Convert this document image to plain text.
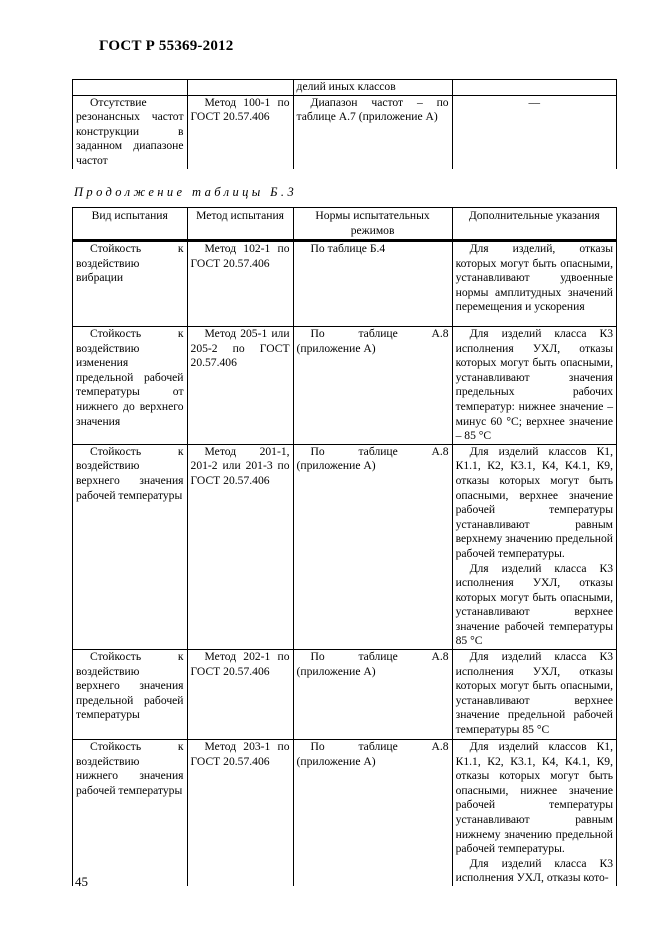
ГОСТ Р 55369-2012
		делий иных классов	
Отсутствие резонансных частот конструкции в заданном диапазоне частот	Метод 100-1 по ГОСТ 20.57.406	Диапазон частот – по таблице А.7 (приложение А)	––
Продолжение таблицы Б.3
Вид испытания	Метод испытания	Нормы испытательных режимов	Дополнительные указания
Стойкость к воздействию вибрации	Метод 102-1 по ГОСТ 20.57.406	По таблице Б.4	Для изделий, отказы которых могут быть опасными, устанавливают удвоенные нормы амплитудных значений перемещения и ускорения

Стойкость к воздействию изменения предельной рабочей температуры от нижнего до верхнего значения	Метод 205-1 или 205-2 по ГОСТ 20.57.406	По таблице А.8 (приложение А)	Для изделий класса К3 исполнения УХЛ, отказы которых могут быть опасными, устанавливают значения предельных рабочих температур: нижнее значение – минус 60 °С; верхнее значение – 85 °С

Стойкость к воздействию верхнего значения рабочей температуры	Метод 201-1, 201-2 или 201-3 по ГОСТ 20.57.406	По таблице А.8 (приложение А)	Для изделий классов К1, К1.1, К2, К3.1, К4, К4.1, К9, отказы которых могут быть опасными, верхнее значение рабочей температуры устанавливают равным верхнему значению предельной рабочей температуры.
Для изделий класса К3 исполнения УХЛ, отказы которых могут быть опасными, устанавливают верхнее значение рабочей температуры 85 °С

Стойкость к воздействию верхнего значения предельной рабочей температуры	Метод 202-1 по ГОСТ 20.57.406	По таблице А.8 (приложение А)	Для изделий класса К3 исполнения УХЛ, отказы которых могут быть опасными, устанавливают верхнее значение предельной рабочей температуры 85 °С

Стойкость к воздействию нижнего значения рабочей температуры	Метод 203-1 по ГОСТ 20.57.406	По таблице А.8 (приложение А)	Для изделий классов К1, К1.1, К2, К3.1, К4, К4.1, К9, отказы которых могут быть опасными, нижнее значение рабочей температуры устанавливают равным нижнему значению предельной рабочей температуры.
Для изделий класса К3 исполнения УХЛ, отказы кото-
45
